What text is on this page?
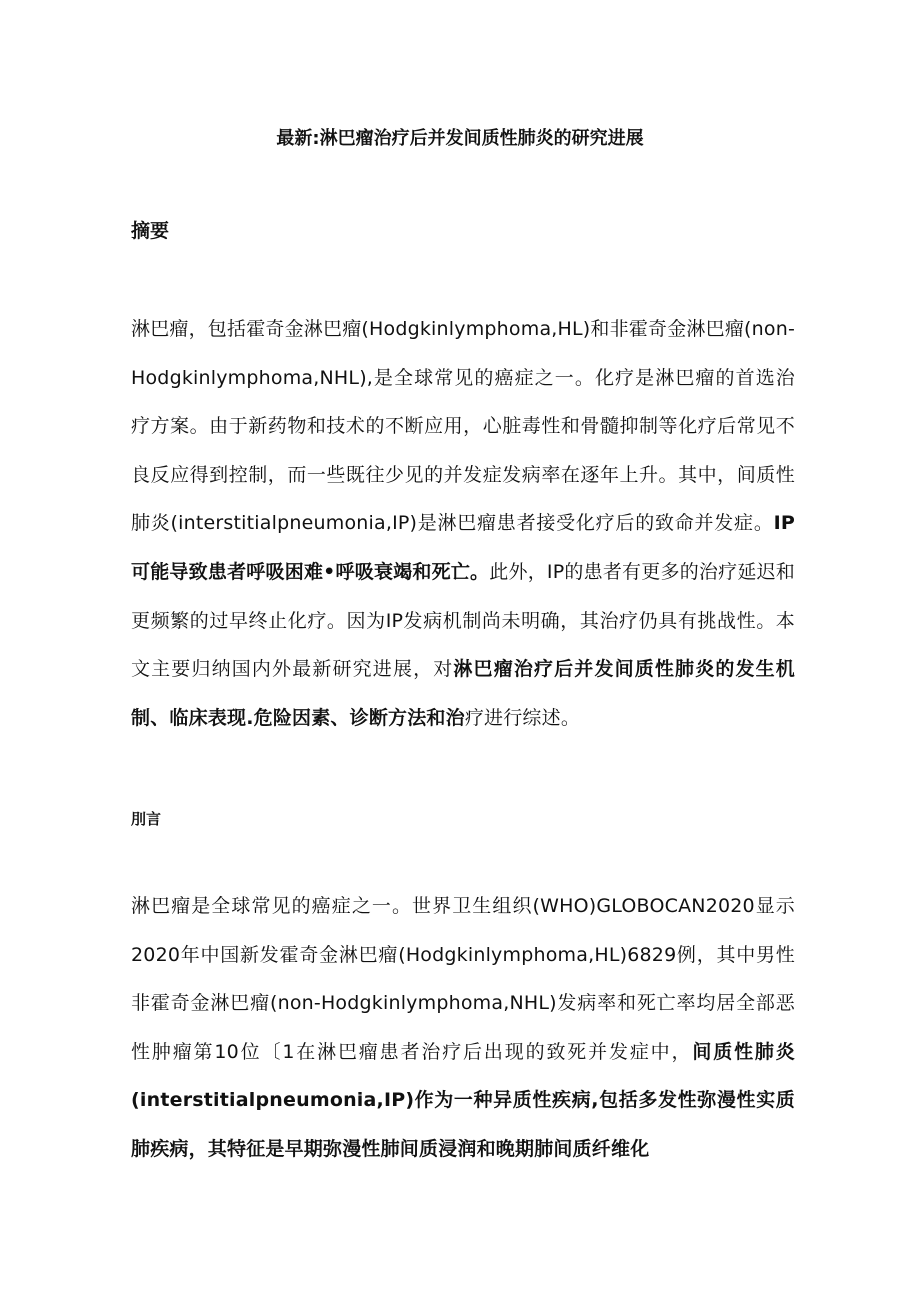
最新:淋巴瘤治疗后并发间质性肺炎的研究进展
摘要

淋巴瘤，包括霍奇金淋巴瘤(Hodgkinlymphoma,HL)和非霍奇金淋巴瘤(non-Hodgkinlymphoma,NHL),是全球常见的癌症之一。化疗是淋巴瘤的首选治疗方案。由于新药物和技术的不断应用，心脏毒性和骨髓抑制等化疗后常见不良反应得到控制，而一些既往少见的并发症发病率在逐年上升。其中，间质性肺炎(interstitialpneumonia,IP)是淋巴瘤患者接受化疗后的致命并发症。IP可能导致患者呼吸困难•呼吸衰竭和死亡。此外，IP的患者有更多的治疗延迟和更频繁的过早终止化疗。因为IP发病机制尚未明确，其治疗仍具有挑战性。本文主要归纳国内外最新研究进展，对淋巴瘤治疗后并发间质性肺炎的发生机制、临床表现.危险因素、诊断方法和治疗进行综述。

刖言

淋巴瘤是全球常见的癌症之一。世界卫生组织(WHO)GLOBOCAN2020显示2020年中国新发霍奇金淋巴瘤(Hodgkinlymphoma,HL)6829例，其中男性非霍奇金淋巴瘤(non-Hodgkinlymphoma,NHL)发病率和死亡率均居全部恶性肿瘤第10位〔1在淋巴瘤患者治疗后出现的致死并发症中，间质性肺炎(interstitialpneumonia,IP)作为一种异质性疾病,包括多发性弥漫性实质肺疾病，其特征是早期弥漫性肺间质浸润和晚期肺间质纤维化
